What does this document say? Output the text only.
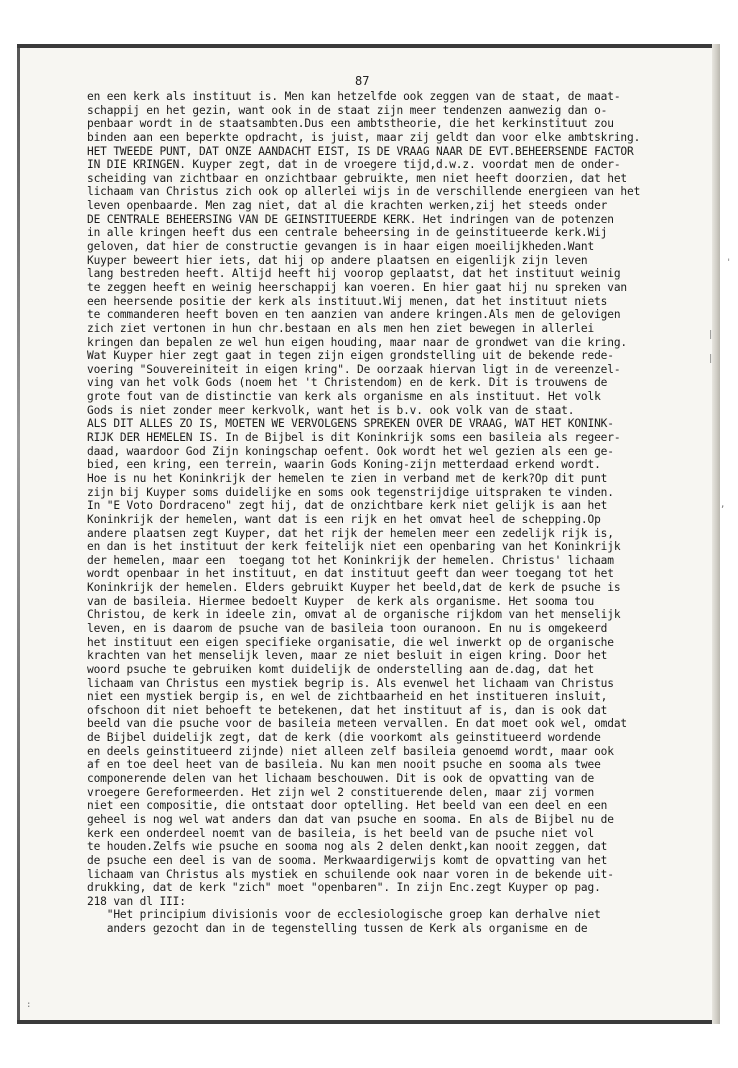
87
en een kerk als instituut is. Men kan hetzelfde ook zeggen van de staat, de maat-
schappij en het gezin, want ook in de staat zijn meer tendenzen aanwezig dan o-
penbaar wordt in de staatsambten.Dus een ambtstheorie, die het kerkinstituut zou
binden aan een beperkte opdracht, is juist, maar zij geldt dan voor elke ambtskring.
HET TWEEDE PUNT, DAT ONZE AANDACHT EIST, IS DE VRAAG NAAR DE EVT.BEHEERSENDE FACTOR
IN DIE KRINGEN. Kuyper zegt, dat in de vroegere tijd,d.w.z. voordat men de onder-
scheiding van zichtbaar en onzichtbaar gebruikte, men niet heeft doorzien, dat het
lichaam van Christus zich ook op allerlei wijs in de verschillende energieen van het
leven openbaarde. Men zag niet, dat al die krachten werken,zij het steeds onder
DE CENTRALE BEHEERSING VAN DE GEINSTITUEERDE KERK. Het indringen van de potenzen
in alle kringen heeft dus een centrale beheersing in de geinstitueerde kerk.Wij
geloven, dat hier de constructie gevangen is in haar eigen moeilijkheden.Want
Kuyper beweert hier iets, dat hij op andere plaatsen en eigenlijk zijn leven
lang bestreden heeft. Altijd heeft hij voorop geplaatst, dat het instituut weinig
te zeggen heeft en weinig heerschappij kan voeren. En hier gaat hij nu spreken van
een heersende positie der kerk als instituut.Wij menen, dat het instituut niets
te commanderen heeft boven en ten aanzien van andere kringen.Als men de gelovigen
zich ziet vertonen in hun chr.bestaan en als men hen ziet bewegen in allerlei
kringen dan bepalen ze wel hun eigen houding, maar naar de grondwet van die kring.
Wat Kuyper hier zegt gaat in tegen zijn eigen grondstelling uit de bekende rede-
voering "Souvereiniteit in eigen kring". De oorzaak hiervan ligt in de vereenzel-
ving van het volk Gods (noem het 't Christendom) en de kerk. Dit is trouwens de
grote fout van de distinctie van kerk als organisme en als instituut. Het volk
Gods is niet zonder meer kerkvolk, want het is b.v. ook volk van de staat.
ALS DIT ALLES ZO IS, MOETEN WE VERVOLGENS SPREKEN OVER DE VRAAG, WAT HET KONINK-
RIJK DER HEMELEN IS. In de Bijbel is dit Koninkrijk soms een basileia als regeer-
daad, waardoor God Zijn koningschap oefent. Ook wordt het wel gezien als een ge-
bied, een kring, een terrein, waarin Gods Koning-zijn metterdaad erkend wordt.
Hoe is nu het Koninkrijk der hemelen te zien in verband met de kerk?Op dit punt
zijn bij Kuyper soms duidelijke en soms ook tegenstrijdige uitspraken te vinden.
In "E Voto Dordraceno" zegt hij, dat de onzichtbare kerk niet gelijk is aan het
Koninkrijk der hemelen, want dat is een rijk en het omvat heel de schepping.Op
andere plaatsen zegt Kuyper, dat het rijk der hemelen meer een zedelijk rijk is,
en dan is het instituut der kerk feitelijk niet een openbaring van het Koninkrijk
der hemelen, maar een  toegang tot het Koninkrijk der hemelen. Christus' lichaam
wordt openbaar in het instituut, en dat instituut geeft dan weer toegang tot het
Koninkrijk der hemelen. Elders gebruikt Kuyper het beeld,dat de kerk de psuche is
van de basileia. Hiermee bedoelt Kuyper  de kerk als organisme. Het sooma tou
Christou, de kerk in ideele zin, omvat al de organische rijkdom van het menselijk
leven, en is daarom de psuche van de basileia toon ouranoon. En nu is omgekeerd
het instituut een eigen specifieke organisatie, die wel inwerkt op de organische
krachten van het menselijk leven, maar ze niet besluit in eigen kring. Door het
woord psuche te gebruiken komt duidelijk de onderstelling aan de.dag, dat het
lichaam van Christus een mystiek begrip is. Als evenwel het lichaam van Christus
niet een mystiek bergip is, en wel de zichtbaarheid en het institueren insluit,
ofschoon dit niet behoeft te betekenen, dat het instituut af is, dan is ook dat
beeld van die psuche voor de basileia meteen vervallen. En dat moet ook wel, omdat
de Bijbel duidelijk zegt, dat de kerk (die voorkomt als geinstitueerd wordende
en deels geinstitueerd zijnde) niet alleen zelf basileia genoemd wordt, maar ook
af en toe deel heet van de basileia. Nu kan men nooit psuche en sooma als twee
componerende delen van het lichaam beschouwen. Dit is ook de opvatting van de
vroegere Gereformeerden. Het zijn wel 2 constituerende delen, maar zij vormen
niet een compositie, die ontstaat door optelling. Het beeld van een deel en een
geheel is nog wel wat anders dan dat van psuche en sooma. En als de Bijbel nu de
kerk een onderdeel noemt van de basileia, is het beeld van de psuche niet vol
te houden.Zelfs wie psuche en sooma nog als 2 delen denkt,kan nooit zeggen, dat
de psuche een deel is van de sooma. Merkwaardigerwijs komt de opvatting van het
lichaam van Christus als mystiek en schuilende ook naar voren in de bekende uit-
drukking, dat de kerk "zich" moet "openbaren". In zijn Enc.zegt Kuyper op pag.
218 van dl III:
"Het principium divisionis voor de ecclesiologische groep kan derhalve niet
anders gezocht dan in de tegenstelling tussen de Kerk als organisme en de
'
|
|
,
:
